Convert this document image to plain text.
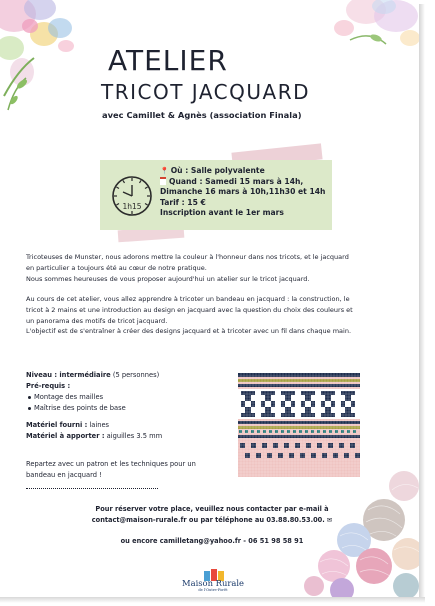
ATELIER
TRICOT JACQUARD
avec Camillet & Agnès (association Finala)
1h15
📍 Où : Salle polyvalente
Quand : Samedi 15 mars à 14h,
Dimanche 16 mars à 10h,11h30 et 14h
Tarif : 15 €
Inscription avant le 1er mars

Tricoteuses de Munster, nous adorons mettre la couleur à l'honneur dans nos tricots, et le jacquard
en particulier a toujours été au cœur de notre pratique.
Nous sommes heureuses de vous proposer aujourd'hui un atelier sur le tricot jacquard.

Au cours de cet atelier, vous allez apprendre à tricoter un bandeau en jacquard : la construction, le
tricot à 2 mains et une introduction au design en jacquard avec la question du choix des couleurs et
un panorama des motifs de tricot jacquard.
L'objectif est de s'entraîner à créer des designs jacquard et à tricoter avec un fil dans chaque main.

Niveau : intermédiaire (5 personnes)
Pré-requis :
Montage des mailles
Maîtrise des points de base
Matériel fourni : laines
Matériel à apporter : aiguilles 3.5 mm
Repartez avec un patron et les techniques pour un
bandeau en jacquard !
Pour réserver votre place, veuillez nous contacter par e-mail à
contact@maison-rurale.fr ou par téléphone au 03.88.80.53.00. ✉
ou encore camilletang@yahoo.fr - 06 51 98 58 91
Maison Rurale
de l'Outre-Forêt
